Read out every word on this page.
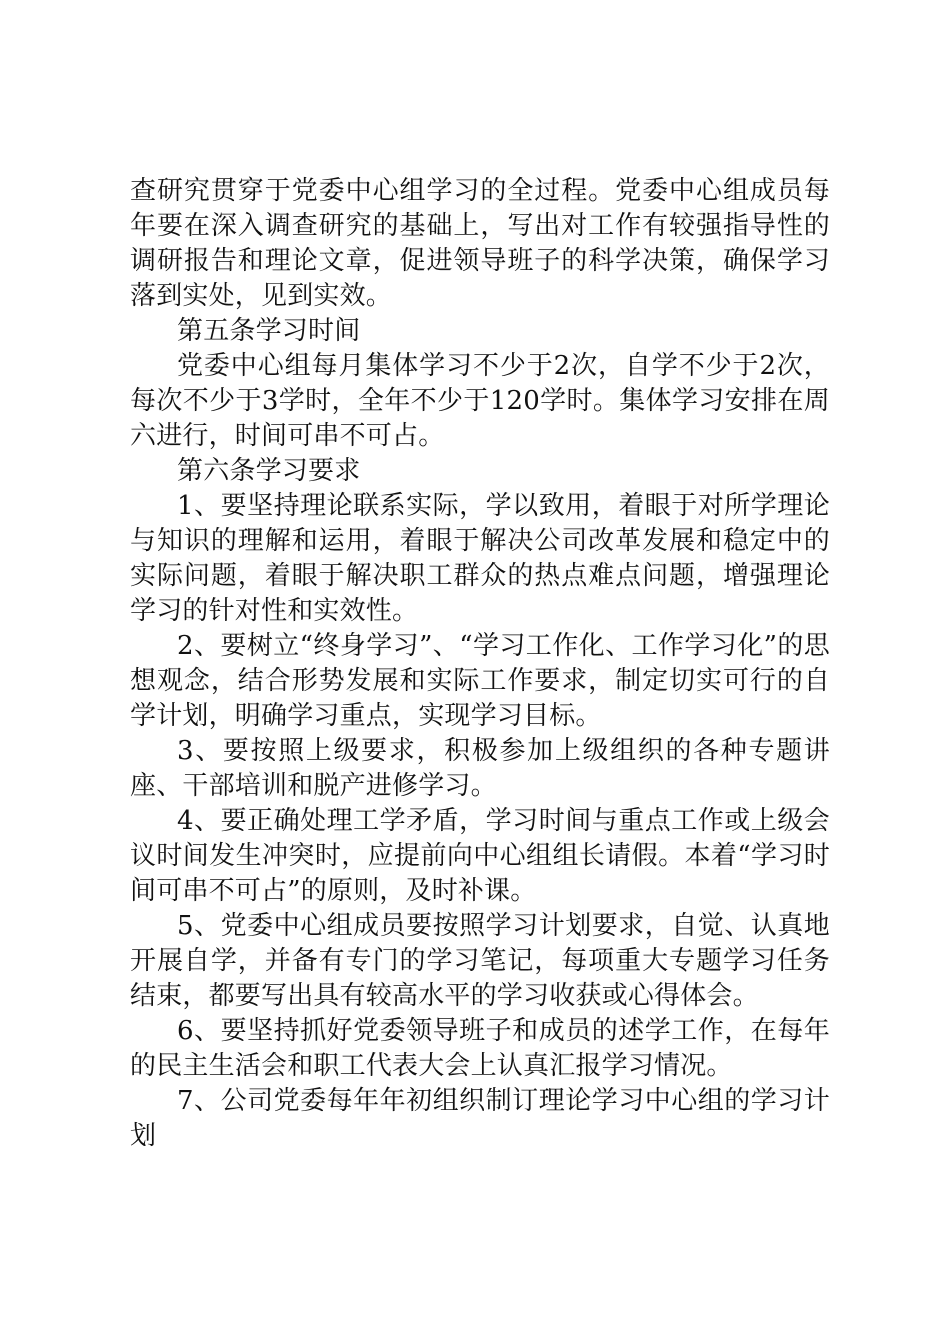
查研究贯穿于党委中心组学习的全过程。党委中心组成员每年要在深入调查研究的基础上，写出对工作有较强指导性的调研报告和理论文章，促进领导班子的科学决策，确保学习落到实处，见到实效。

第五条学习时间

党委中心组每月集体学习不少于2次，自学不少于2次，每次不少于3学时，全年不少于120学时。集体学习安排在周六进行，时间可串不可占。

第六条学习要求

1、要坚持理论联系实际，学以致用，着眼于对所学理论与知识的理解和运用，着眼于解决公司改革发展和稳定中的实际问题，着眼于解决职工群众的热点难点问题，增强理论学习的针对性和实效性。

2、要树立“终身学习”、“学习工作化、工作学习化”的思想观念，结合形势发展和实际工作要求，制定切实可行的自学计划，明确学习重点，实现学习目标。

3、要按照上级要求，积极参加上级组织的各种专题讲座、干部培训和脱产进修学习。

4、要正确处理工学矛盾，学习时间与重点工作或上级会议时间发生冲突时，应提前向中心组组长请假。本着“学习时间可串不可占”的原则，及时补课。

5、党委中心组成员要按照学习计划要求，自觉、认真地开展自学，并备有专门的学习笔记，每项重大专题学习任务结束，都要写出具有较高水平的学习收获或心得体会。

6、要坚持抓好党委领导班子和成员的述学工作，在每年的民主生活会和职工代表大会上认真汇报学习情况。

7、公司党委每年年初组织制订理论学习中心组的学习计划
